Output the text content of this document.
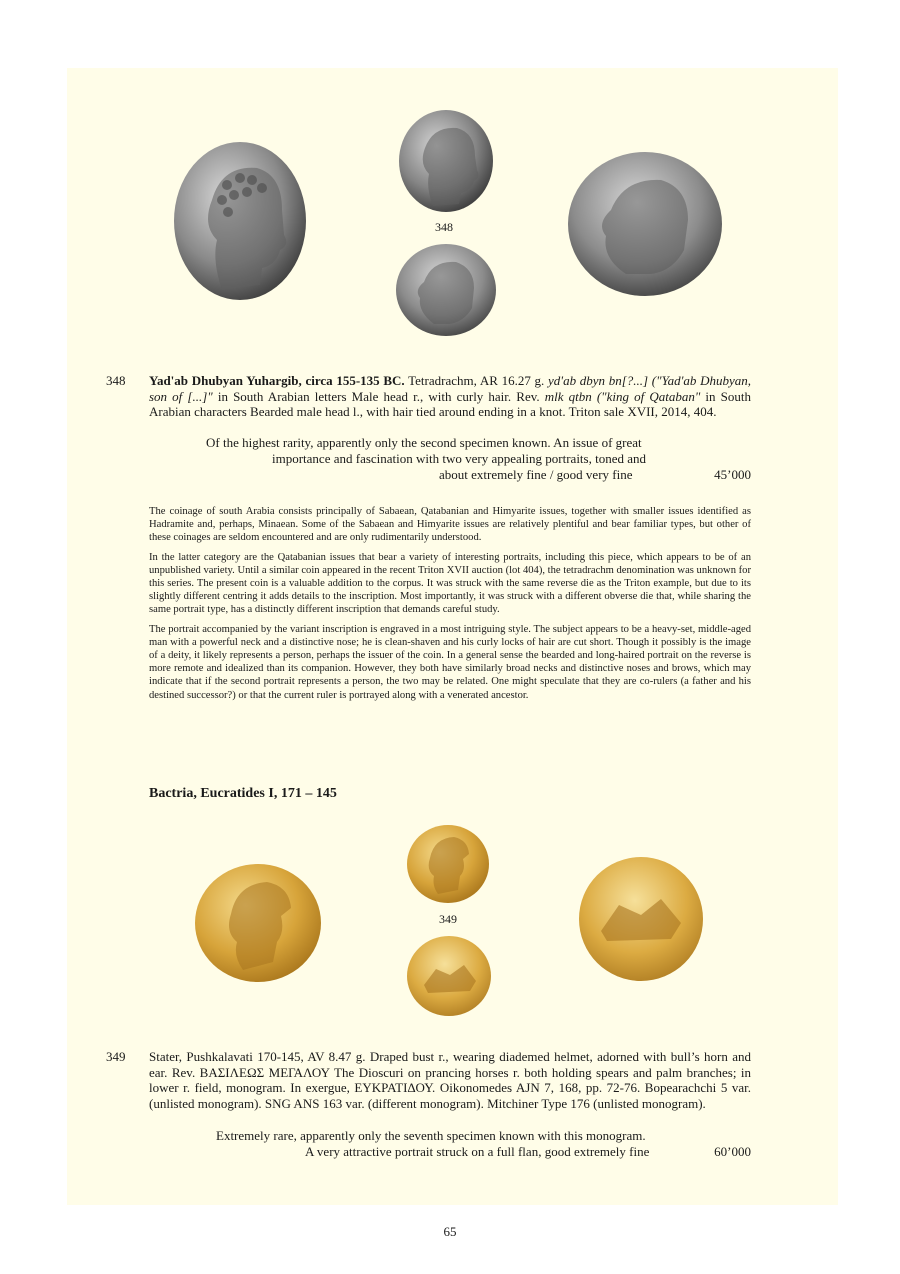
348
348 Yad'ab Dhubyan Yuhargib, circa 155-135 BC. Tetradrachm, AR 16.27 g. yd'ab dbyn bn[?...] ("Yad'ab Dhubyan, son of [...]" in South Arabian letters Male head r., with curly hair. Rev. mlk qtbn ("king of Qataban" in South Arabian characters Bearded male head l., with hair tied around ending in a knot. Triton sale XVII, 2014, 404.
Of the highest rarity, apparently only the second specimen known. An issue of great
importance and fascination with two very appealing portraits, toned and
about extremely fine / good very fine	45’000

The coinage of south Arabia consists principally of Sabaean, Qatabanian and Himyarite issues, together with smaller issues identified as Hadramite and, perhaps, Minaean. Some of the Sabaean and Himyarite issues are relatively plentiful and bear familiar types, but other of these coinages are seldom encountered and are only rudimentarily understood.

In the latter category are the Qatabanian issues that bear a variety of interesting portraits, including this piece, which appears to be of an unpublished variety. Until a similar coin appeared in the recent Triton XVII auction (lot 404), the tetradrachm denomination was unknown for this series. The present coin is a valuable addition to the corpus. It was struck with the same reverse die as the Triton example, but due to its slightly different centring it adds details to the inscription. Most importantly, it was struck with a different obverse die that, while sharing the same portrait type, has a distinctly different inscription that demands careful study.

The portrait accompanied by the variant inscription is engraved in a most intriguing style. The subject appears to be a heavy-set, middle-aged man with a powerful neck and a distinctive nose; he is clean-shaven and his curly locks of hair are cut short. Though it possibly is the image of a deity, it likely represents a person, perhaps the issuer of the coin. In a general sense the bearded and long-haired portrait on the reverse is more remote and idealized than its companion. However, they both have similarly broad necks and distinctive noses and brows, which may indicate that if the second portrait represents a person, the two may be related. One might speculate that they are co-rulers (a father and his destined successor?) or that the current ruler is portrayed along with a venerated ancestor.

Bactria, Eucratides I, 171 – 145
349
349 Stater, Pushkalavati 170-145, AV 8.47 g. Draped bust r., wearing diademed helmet, adorned with bull’s horn and ear. Rev. ΒΑΣΙΛΕΩΣ ΜΕΓΑΛΟΥ The Dioscuri on prancing horses r. both holding spears and palm branches; in lower r. field, monogram. In exergue, ΕΥΚΡΑΤΙΔΟΥ. Oikonomedes AJN 7, 168, pp. 72-76. Bopearachchi 5 var. (unlisted monogram). SNG ANS 163 var. (different monogram). Mitchiner Type 176 (unlisted monogram).
Extremely rare, apparently only the seventh specimen known with this monogram.
A very attractive portrait struck on a full flan, good extremely fine	60’000
65
